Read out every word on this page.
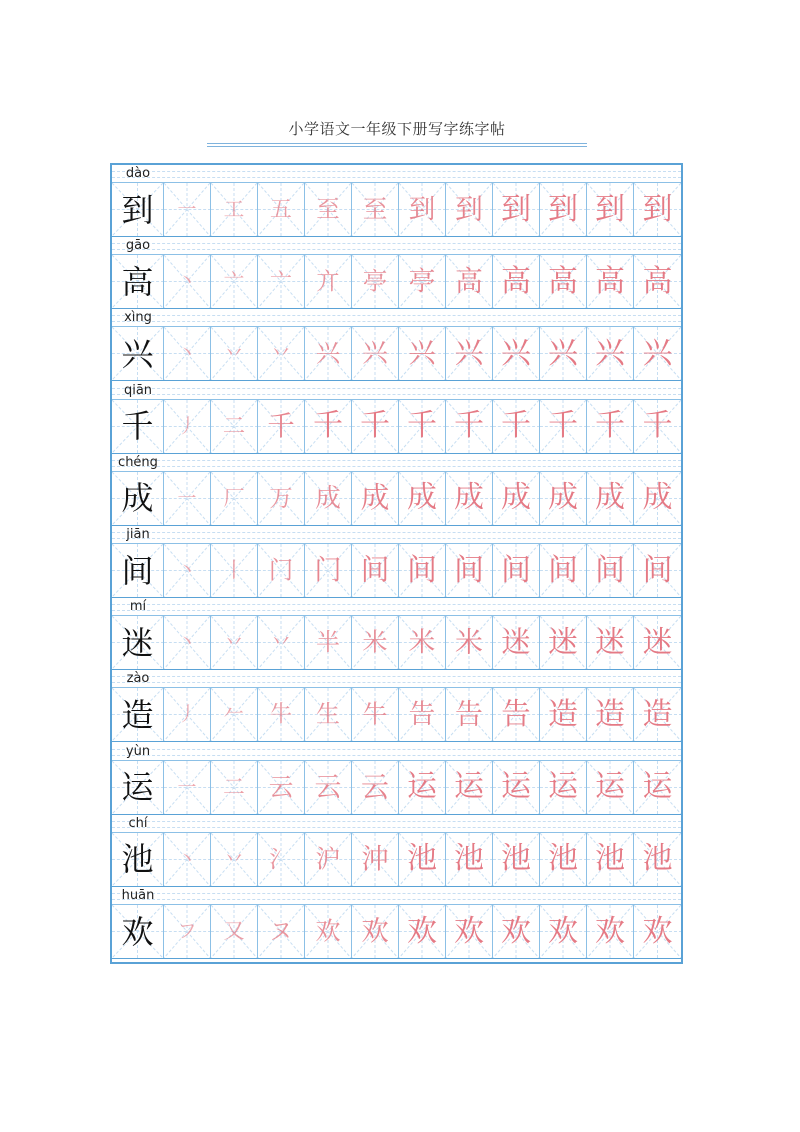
小学语文一年级下册写字练字帖
dào
到 一 工 五 至 至 到 到 到 到 到 到
gāo
高 丶 亠 亠 亣 亭 亭 高 高 高 高 高
xìng
兴 丶 丷 丷 兴 兴 兴 兴 兴 兴 兴 兴
qiān
千 丿 二 千 千 千 千 千 千 千 千 千
chéng
成 一 厂 万 成 成 成 成 成 成 成 成
jiān
间 丶 丨 门 门 间 间 间 间 间 间 间
mí
迷 丶 丷 丷 半 米 米 米 迷 迷 迷 迷
zào
造 丿 𠂉 牛 生 牛 告 告 告 造 造 造
yùn
运 一 二 云 云 云 运 运 运 运 运 运
chí
池 丶 丷 氵 沪 沖 池 池 池 池 池 池
huān
欢 フ 又 ヌ 欢 欢 欢 欢 欢 欢 欢 欢
